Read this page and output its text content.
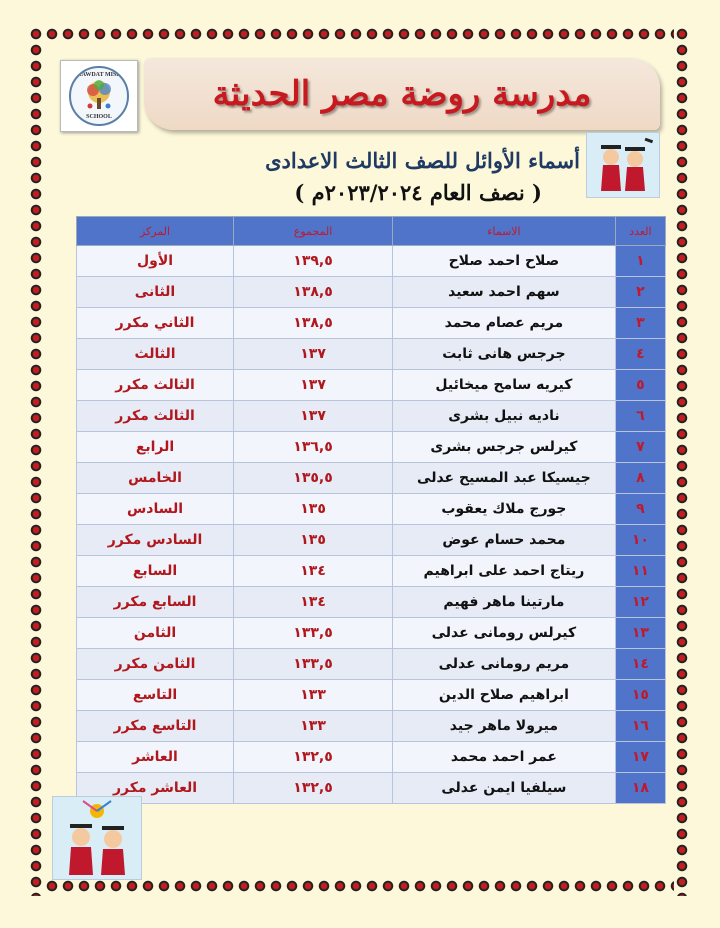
RAWDAT MISR
SCHOOL
مدرسة روضة مصر الحديثة
أسماء الأوائل للصف الثالث الاعدادى
( نصف العام ٢٠٢٣/٢٠٢٤م )
العدد	الاسماء	المجموع	المركز
١	صلاح احمد صلاح	١٣٩,٥	الأول
٢	سهم احمد سعيد	١٣٨,٥	الثانى
٣	مريم عصام محمد	١٣٨,٥	الثاني مكرر
٤	جرجس هانى ثابت	١٣٧	الثالث
٥	كيريه سامح ميخائيل	١٣٧	الثالث مكرر
٦	ناديه نبيل بشرى	١٣٧	الثالث مكرر
٧	كيرلس جرجس بشرى	١٣٦,٥	الرابع
٨	جيسيكا عبد المسيح عدلى	١٣٥,٥	الخامس
٩	جورج ملاك يعقوب	١٣٥	السادس
١٠	محمد حسام عوض	١٣٥	السادس مكرر
١١	ريتاج احمد على ابراهيم	١٣٤	السابع
١٢	مارتينا ماهر فهيم	١٣٤	السابع مكرر
١٣	كيرلس رومانى عدلى	١٣٣,٥	الثامن
١٤	مريم رومانى عدلى	١٣٣,٥	الثامن مكرر
١٥	ابراهيم صلاح الدين	١٣٣	التاسع
١٦	ميرولا ماهر جيد	١٣٣	التاسع مكرر
١٧	عمر احمد محمد	١٣٢,٥	العاشر
١٨	سيلفيا ايمن عدلى	١٣٢,٥	العاشر مكرر
